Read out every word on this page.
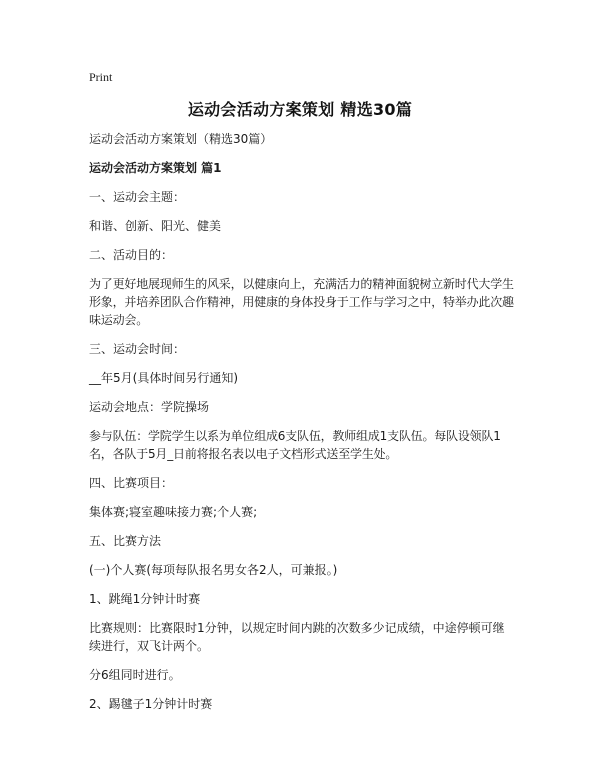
Print
运动会活动方案策划 精选30篇

运动会活动方案策划（精选30篇）

运动会活动方案策划 篇1

一、运动会主题：

和谐、创新、阳光、健美

二、活动目的：

为了更好地展现师生的风采，以健康向上，充满活力的精神面貌树立新时代大学生形象，并培养团队合作精神，用健康的身体投身于工作与学习之中，特举办此次趣味运动会。

三、运动会时间：

__年5月(具体时间另行通知)

运动会地点：学院操场

参与队伍：学院学生以系为单位组成6支队伍，教师组成1支队伍。每队设领队1名，各队于5月_日前将报名表以电子文档形式送至学生处。

四、比赛项目：

集体赛;寝室趣味接力赛;个人赛;

五、比赛方法

(一)个人赛(每项每队报名男女各2人，可兼报。)

1、跳绳1分钟计时赛

比赛规则：比赛限时1分钟，以规定时间内跳的次数多少记成绩，中途停顿可继续进行，双飞计两个。

分6组同时进行。

2、踢毽子1分钟计时赛
